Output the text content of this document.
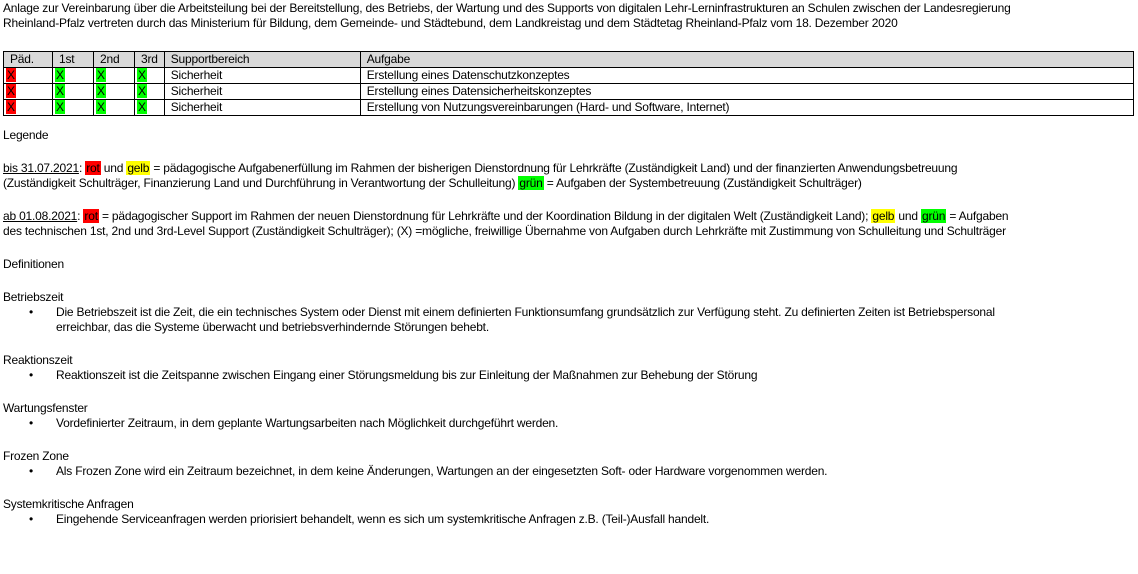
Anlage zur Vereinbarung über die Arbeitsteilung bei der Bereitstellung, des Betriebs, der Wartung und des Supports von digitalen Lehr-Lerninfrastrukturen an Schulen zwischen der Landesregierung

Rheinland-Pfalz vertreten durch das Ministerium für Bildung, dem Gemeinde- und Städtebund, dem Landkreistag und dem Städtetag Rheinland-Pfalz vom 18. Dezember 2020

Päd.	1st	2nd	3rd	Supportbereich	Aufgabe
X	X	X	X	Sicherheit	Erstellung eines Datenschutzkonzeptes
X	X	X	X	Sicherheit	Erstellung eines Datensicherheitskonzeptes
X	X	X	X	Sicherheit	Erstellung von Nutzungsvereinbarungen (Hard- und Software, Internet)

Legende

bis 31.07.2021: rot und gelb = pädagogische Aufgabenerfüllung im Rahmen der bisherigen Dienstordnung für Lehrkräfte (Zuständigkeit Land) und der finanzierten Anwendungsbetreuung

(Zuständigkeit Schulträger, Finanzierung Land und Durchführung in Verantwortung der Schulleitung) grün = Aufgaben der Systembetreuung (Zuständigkeit Schulträger)

ab 01.08.2021: rot = pädagogischer Support im Rahmen der neuen Dienstordnung für Lehrkräfte und der Koordination Bildung in der digitalen Welt (Zuständigkeit Land); gelb und grün = Aufgaben

des technischen 1st, 2nd und 3rd-Level Support (Zuständigkeit Schulträger); (X) =mögliche, freiwillige Übernahme von Aufgaben durch Lehrkräfte mit Zustimmung von Schulleitung und Schulträger

Definitionen

Betriebszeit

• Die Betriebszeit ist die Zeit, die ein technisches System oder Dienst mit einem definierten Funktionsumfang grundsätzlich zur Verfügung steht. Zu definierten Zeiten ist Betriebspersonal
erreichbar, das die Systeme überwacht und betriebsverhindernde Störungen behebt.

Reaktionszeit

• Reaktionszeit ist die Zeitspanne zwischen Eingang einer Störungsmeldung bis zur Einleitung der Maßnahmen zur Behebung der Störung

Wartungsfenster

• Vordefinierter Zeitraum, in dem geplante Wartungsarbeiten nach Möglichkeit durchgeführt werden.

Frozen Zone

• Als Frozen Zone wird ein Zeitraum bezeichnet, in dem keine Änderungen, Wartungen an der eingesetzten Soft- oder Hardware vorgenommen werden.

Systemkritische Anfragen

• Eingehende Serviceanfragen werden priorisiert behandelt, wenn es sich um systemkritische Anfragen z.B. (Teil-)Ausfall handelt.
